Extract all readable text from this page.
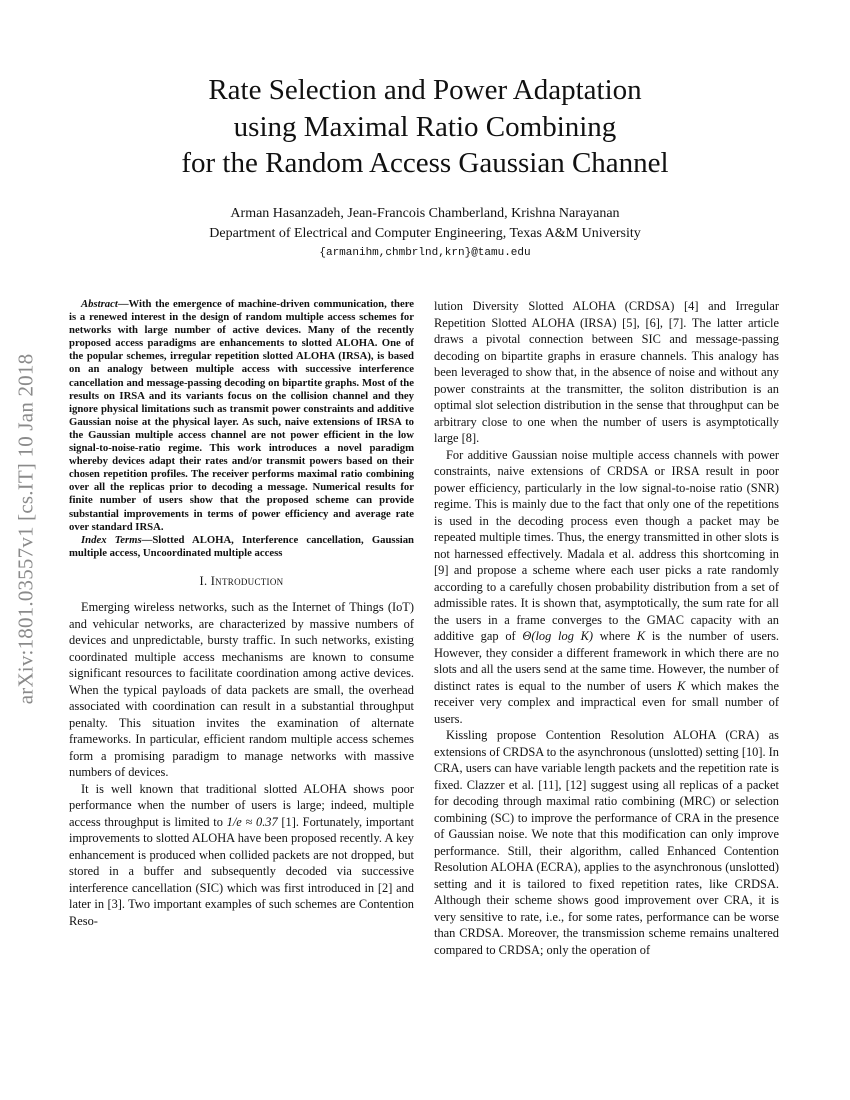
arXiv:1801.03557v1 [cs.IT] 10 Jan 2018
Rate Selection and Power Adaptation
using Maximal Ratio Combining
for the Random Access Gaussian Channel
Arman Hasanzadeh, Jean-Francois Chamberland, Krishna Narayanan
Department of Electrical and Computer Engineering, Texas A&M University
{armanihm,chmbrlnd,krn}@tamu.edu

Abstract—With the emergence of machine-driven communication, there is a renewed interest in the design of random multiple access schemes for networks with large number of active devices. Many of the recently proposed access paradigms are enhancements to slotted ALOHA. One of the popular schemes, irregular repetition slotted ALOHA (IRSA), is based on an analogy between multiple access with successive interference cancellation and message-passing decoding on bipartite graphs. Most of the results on IRSA and its variants focus on the collision channel and they ignore physical limitations such as transmit power constraints and additive Gaussian noise at the physical layer. As such, naive extensions of IRSA to the Gaussian multiple access channel are not power efficient in the low signal-to-noise-ratio regime. This work introduces a novel paradigm whereby devices adapt their rates and/or transmit powers based on their chosen repetition profiles. The receiver performs maximal ratio combining over all the replicas prior to decoding a message. Numerical results for finite number of users show that the proposed scheme can provide substantial improvements in terms of power efficiency and average rate over standard IRSA.

Index Terms—Slotted ALOHA, Interference cancellation, Gaussian multiple access, Uncoordinated multiple access

I. Introduction

Emerging wireless networks, such as the Internet of Things (IoT) and vehicular networks, are characterized by massive numbers of devices and unpredictable, bursty traffic. In such networks, existing coordinated multiple access mechanisms are known to consume significant resources to facilitate coordination among active devices. When the typical payloads of data packets are small, the overhead associated with coordination can result in a substantial throughput penalty. This situation invites the examination of alternate frameworks. In particular, efficient random multiple access schemes form a promising paradigm to manage networks with massive numbers of devices.

It is well known that traditional slotted ALOHA shows poor performance when the number of users is large; indeed, multiple access throughput is limited to 1/e ≈ 0.37 [1]. Fortunately, important improvements to slotted ALOHA have been proposed recently. A key enhancement is produced when collided packets are not dropped, but stored in a buffer and subsequently decoded via successive interference cancellation (SIC) which was first introduced in [2] and later in [3]. Two important examples of such schemes are Contention Reso-

lution Diversity Slotted ALOHA (CRDSA) [4] and Irregular Repetition Slotted ALOHA (IRSA) [5], [6], [7]. The latter article draws a pivotal connection between SIC and message-passing decoding on bipartite graphs in erasure channels. This analogy has been leveraged to show that, in the absence of noise and without any power constraints at the transmitter, the soliton distribution is an optimal slot selection distribution in the sense that throughput can be arbitrary close to one when the number of users is asymptotically large [8].

For additive Gaussian noise multiple access channels with power constraints, naive extensions of CRDSA or IRSA result in poor power efficiency, particularly in the low signal-to-noise ratio (SNR) regime. This is mainly due to the fact that only one of the repetitions is used in the decoding process even though a packet may be repeated multiple times. Thus, the energy transmitted in other slots is not harnessed effectively. Madala et al. address this shortcoming in [9] and propose a scheme where each user picks a rate randomly according to a carefully chosen probability distribution from a set of admissible rates. It is shown that, asymptotically, the sum rate for all the users in a frame converges to the GMAC capacity with an additive gap of Θ(log log K) where K is the number of users. However, they consider a different framework in which there are no slots and all the users send at the same time. However, the number of distinct rates is equal to the number of users K which makes the receiver very complex and impractical even for small number of users.

Kissling propose Contention Resolution ALOHA (CRA) as extensions of CRDSA to the asynchronous (unslotted) setting [10]. In CRA, users can have variable length packets and the repetition rate is fixed. Clazzer et al. [11], [12] suggest using all replicas of a packet for decoding through maximal ratio combining (MRC) or selection combining (SC) to improve the performance of CRA in the presence of Gaussian noise. We note that this modification can only improve performance. Still, their algorithm, called Enhanced Contention Resolution ALOHA (ECRA), applies to the asynchronous (unslotted) setting and it is tailored to fixed repetition rates, like CRDSA. Although their scheme shows good improvement over CRA, it is very sensitive to rate, i.e., for some rates, performance can be worse than CRDSA. Moreover, the transmission scheme remains unaltered compared to CRDSA; only the operation of
